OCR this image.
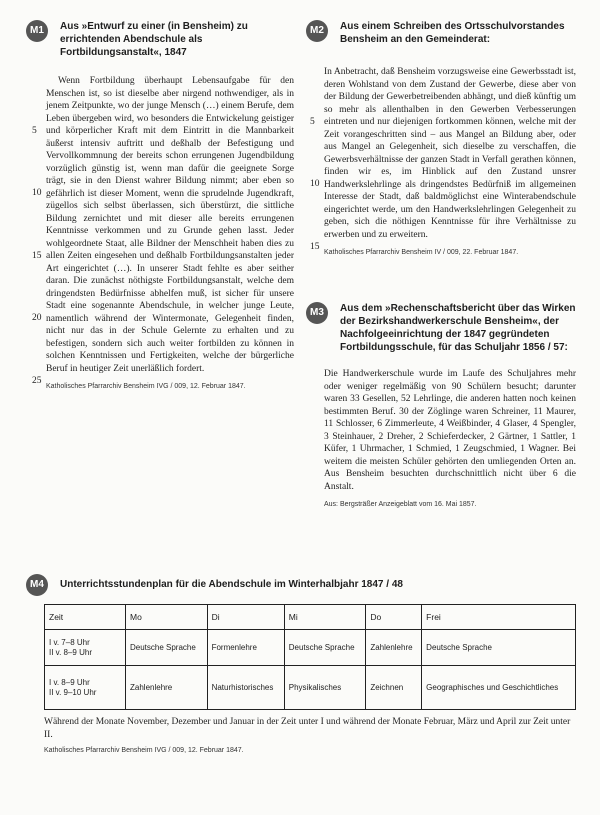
M1	Aus »Entwurf zu einer (in Bensheim) zu errichtenden Abendschule als Fortbildungsanstalt«, 1847
5
10
15
20
25
Wenn Fortbildung überhaupt Lebensaufgabe für den Menschen ist, so ist dieselbe aber nirgend nothwendiger, als in jenem Zeitpunkte, wo der junge Mensch (…) einem Berufe, dem Leben übergeben wird, wo besonders die Entwickelung geistiger und körperlicher Kraft mit dem Eintritt in die Mannbarkeit äußerst intensiv auftritt und deßhalb der Befestigung und Vervollkommnung der bereits schon errungenen Jugendbildung vorzüglich günstig ist, wenn man dafür die geeignete Sorge trägt, sie in den Dienst wahrer Bildung nimmt; aber eben so gefährlich ist dieser Moment, wenn die sprudelnde Jugendkraft, zügellos sich selbst überlassen, sich überstürzt, die sittliche Bildung zernichtet und mit dieser alle bereits errungenen Kenntnisse verkommen und zu Grunde gehen lasst. Jeder wohlgeordnete Staat, alle Bildner der Menschheit haben dies zu allen Zeiten eingesehen und deßhalb Fortbildungsanstalten jeder Art eingerichtet (…). In unserer Stadt fehlte es aber seither daran. Die zunächst nöthigste Fortbildungsanstalt, welche dem dringendsten Bedürfnisse abhelfen muß, ist sicher für unsere Stadt eine sogenannte Abendschule, in welcher junge Leute, namentlich während der Wintermonate, Gelegenheit finden, nicht nur das in der Schule Gelernte zu erhalten und zu befestigen, sondern sich auch weiter fortbilden zu können in solchen Kenntnissen und Fertigkeiten, welche der bürgerliche Beruf in heutiger Zeit unerläßlich fordert.
Katholisches Pfarrarchiv Bensheim IVG / 009, 12. Februar 1847.
M2	Aus einem Schreiben des Ortsschulvorstandes Bensheim an den Gemeinderat:
5
10
15
In Anbetracht, daß Bensheim vorzugsweise eine Gewerbsstadt ist, deren Wohlstand von dem Zustand der Gewerbe, diese aber von der Bildung der Gewerbetreibenden abhängt, und dieß künftig um so mehr als allenthalben in den Gewerben Verbesserungen eintreten und nur diejenigen fortkommen können, welche mit der Zeit vorangeschritten sind – aus Mangel an Bildung aber, oder aus Mangel an Gelegenheit, sich dieselbe zu verschaffen, die Gewerbsverhältnisse der ganzen Stadt in Verfall gerathen können, finden wir es, im Hinblick auf den Zustand unsrer Handwerkslehrlinge als dringendstes Bedürfniß im allgemeinen Interesse der Stadt, daß baldmöglichst eine Winterabendschule eingerichtet werde, um den Handwerkslehrlingen Gelegenheit zu geben, sich die nöthigen Kenntnisse für ihre Verhältnisse zu erwerben und zu erweitern.
Katholisches Pfarrarchiv Bensheim IV / 009, 22. Februar 1847.
M3	Aus dem »Rechenschaftsbericht über das Wirken der Bezirkshandwerkerschule Bensheim«, der Nachfolgeeinrichtung der 1847 gegründeten Fortbildungsschule, für das Schuljahr 1856 / 57:
Die Handwerkerschule wurde im Laufe des Schuljahres mehr oder weniger regelmäßig von 90 Schülern besucht; darunter waren 33 Gesellen, 52 Lehrlinge, die anderen hatten noch keinen bestimmten Beruf. 30 der Zöglinge waren Schreiner, 11 Maurer, 11 Schlosser, 6 Zimmerleute, 4 Weißbinder, 4 Glaser, 4 Spengler, 3 Steinhauer, 2 Dreher, 2 Schieferdecker, 2 Gärtner, 1 Sattler, 1 Küfer, 1 Uhrmacher, 1 Schmied, 1 Zeugschmied, 1 Wagner. Bei weitem die meisten Schüler gehörten den umliegenden Orten an. Aus Bensheim besuchten durchschnittlich nicht über 6 die Anstalt.
Aus: Bergsträßer Anzeigeblatt vom 16. Mai 1857.
M4	Unterrichtsstundenplan für die Abendschule im Winterhalbjahr 1847 / 48
Zeit	Mo	Di	Mi	Do	Frei

I v. 7–8 Uhr
II v. 8–9 Uhr	Deutsche Sprache	Formenlehre	Deutsche Sprache	Zahlenlehre	Deutsche Sprache

I v. 8–9 Uhr
II v. 9–10 Uhr	Zahlenlehre	Naturhistorisches	Physikalisches	Zeichnen	Geographisches und Geschichtliches
Während der Monate November, Dezember und Januar in der Zeit unter I und während der Monate Februar, März und April zur Zeit unter II.
Katholisches Pfarrarchiv Bensheim IVG / 009, 12. Februar 1847.
